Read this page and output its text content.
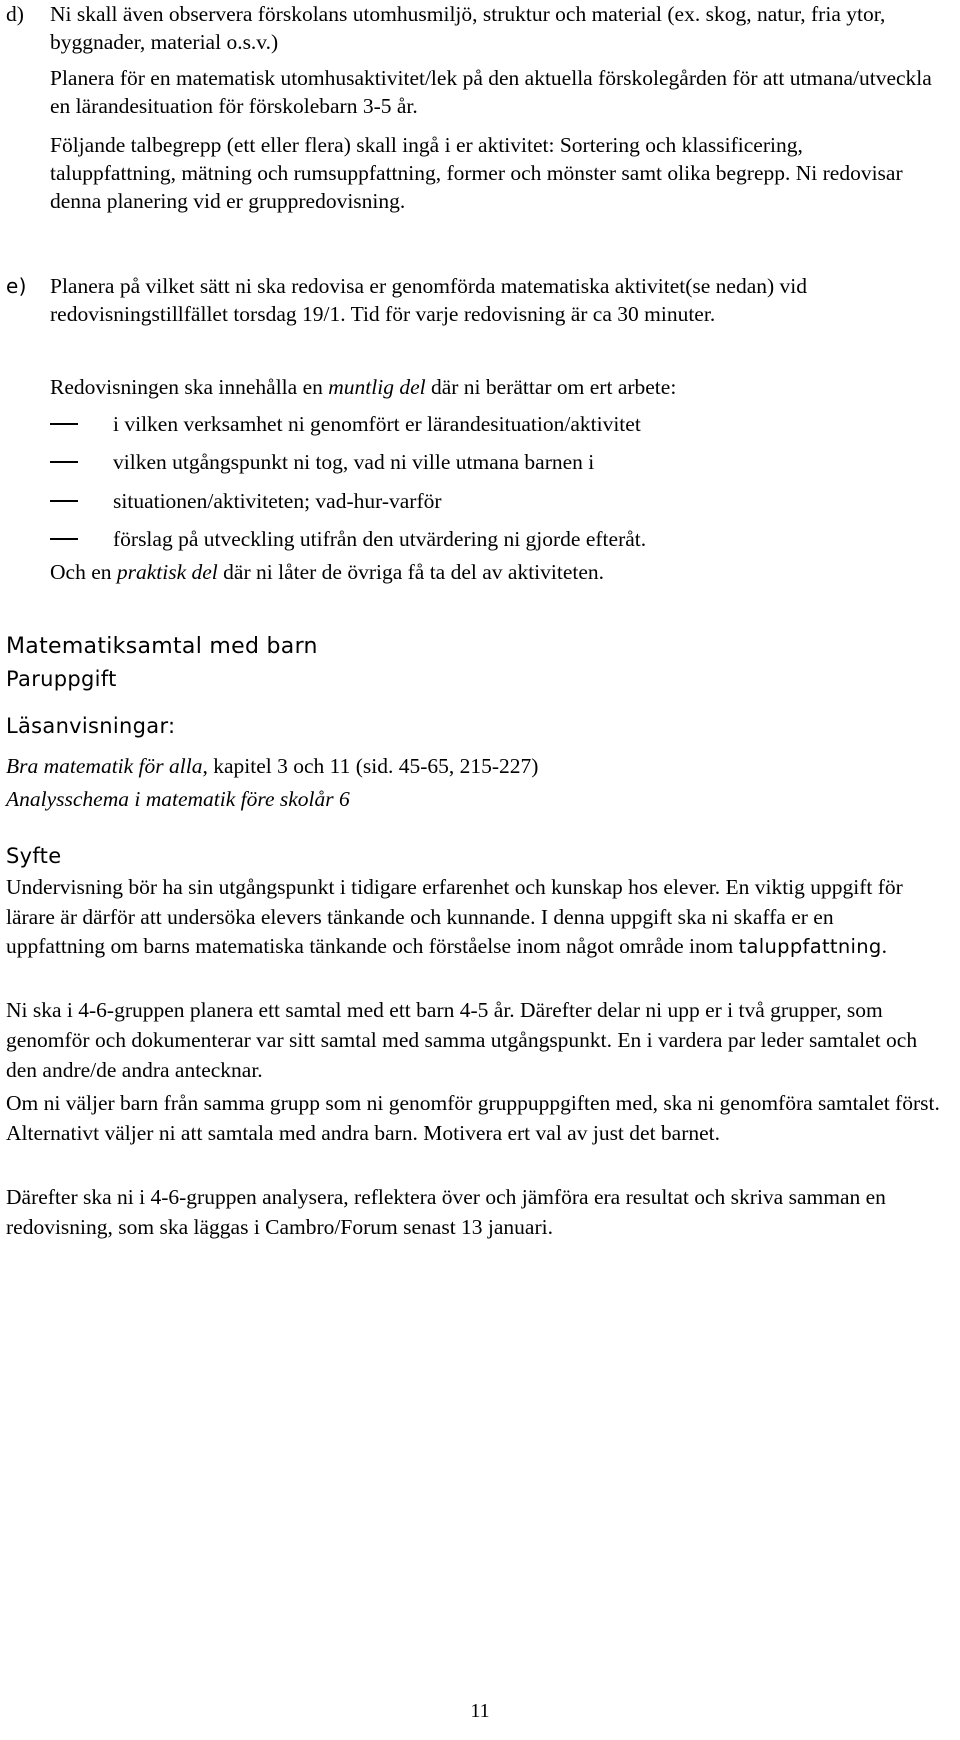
d) Ni skall även observera förskolans utomhusmiljö, struktur och material (ex. skog, natur, fria ytor, byggnader, material o.s.v.)

Planera för en matematisk utomhusaktivitet/lek på den aktuella förskolegården för att utmana/utveckla en lärandesituation för förskolebarn 3-5 år.

Följande talbegrepp (ett eller flera) skall ingå i er aktivitet: Sortering och klassificering, taluppfattning, mätning och rumsuppfattning, former och mönster samt olika begrepp. Ni redovisar denna planering vid er gruppredovisning.

e) Planera på vilket sätt ni ska redovisa er genomförda matematiska aktivitet(se nedan) vid redovisningstillfället torsdag 19/1. Tid för varje redovisning är ca 30 minuter.

Redovisningen ska innehålla en muntlig del där ni berättar om ert arbete:

i vilken verksamhet ni genomfört er lärandesituation/aktivitet
vilken utgångspunkt ni tog, vad ni ville utmana barnen i
situationen/aktiviteten; vad-hur-varför
förslag på utveckling utifrån den utvärdering ni gjorde efteråt.

Och en praktisk del där ni låter de övriga få ta del av aktiviteten.

Matematiksamtal med barn

Paruppgift

Läsanvisningar:

Bra matematik för alla, kapitel 3 och 11 (sid. 45-65, 215-227)

Analysschema i matematik före skolår 6

Syfte

Undervisning bör ha sin utgångspunkt i tidigare erfarenhet och kunskap hos elever. En viktig uppgift för lärare är därför att undersöka elevers tänkande och kunnande. I denna uppgift ska ni skaffa er en uppfattning om barns matematiska tänkande och förståelse inom något område inom taluppfattning.

Ni ska i 4-6-gruppen planera ett samtal med ett barn 4-5 år. Därefter delar ni upp er i två grupper, som genomför och dokumenterar var sitt samtal med samma utgångspunkt. En i vardera par leder samtalet och den andre/de andra antecknar.

Om ni väljer barn från samma grupp som ni genomför gruppuppgiften med, ska ni genomföra samtalet först. Alternativt väljer ni att samtala med andra barn. Motivera ert val av just det barnet.

Därefter ska ni i 4-6-gruppen analysera, reflektera över och jämföra era resultat och skriva samman en redovisning, som ska läggas i Cambro/Forum senast 13 januari.

11
